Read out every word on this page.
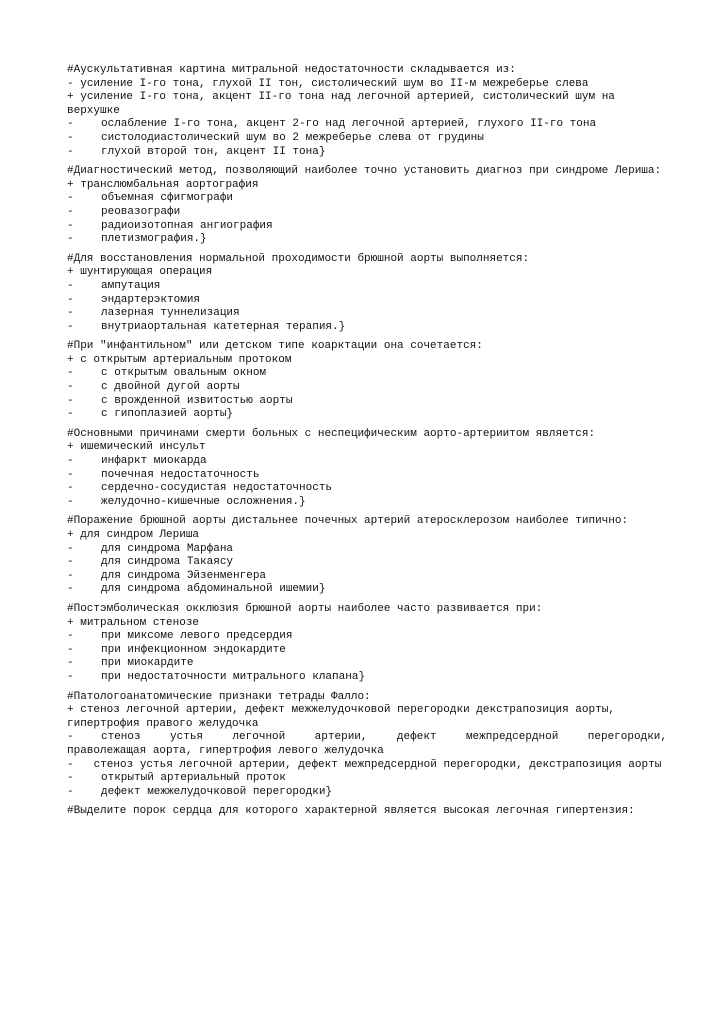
#Аускультативная картина митральной недостаточности складывается из:
- усиление I-го тона, глухой II тон, систолический шум во II-м межреберье слева
+ усиление I-го тона, акцент II-го тона над легочной артерией, систолический шум на верхушке
-	ослабление I-го тона, акцент 2-го над легочной артерией, глухого II-го тона
-	систолодиастолический шум во 2 межреберье слева от грудины
-	глухой второй тон, акцент II тона}
#Диагностический метод, позволяющий наиболее точно установить диагноз при синдроме Лериша:
+ транслюмбальная аортография
-	объемная сфигмографи
-	реовазографи
-	радиоизотопная ангиография
-	плетизмография.}
#Для восстановления нормальной проходимости брюшной аорты выполняется:
+ шунтирующая операция
-	ампутация
-	эндартерэктомия
-	лазерная туннелизация
-	внутриаортальная катетерная терапия.}
#При "инфантильном" или детском типе коарктации она сочетается:
+ с открытым артериальным протоком
-	с открытым овальным окном
-	с двойной дугой аорты
-	с врожденной извитостью аорты
-	с гипоплазией аорты}
#Основными причинами смерти больных с неспецифическим аорто-артериитом является:
+ ишемический инсульт
-	инфаркт миокарда
-	почечная недостаточность
-	сердечно-сосудистая недостаточность
-	желудочно-кишечные осложнения.}
#Поражение брюшной аорты дистальнее почечных артерий атеросклерозом наиболее типично:
+ для синдром Лериша
-	для синдрома Марфана
-	для синдрома Такаясу
-	для синдрома Эйзенменгера
-	для синдрома абдоминальной ишемии}
#Постэмболическая окклюзия брюшной аорты наиболее часто развивается при:
+ митральном стенозе
-	при миксоме левого предсердия
-	при инфекционном эндокардите
-	при миокардите
-	при недостаточности митрального клапана}
#Патологоанатомические признаки тетрады Фалло:
+ стеноз легочной артерии, дефект межжелудочковой перегородки декстрапозиция аорты, гипертрофия правого желудочка
-	стеноз устья легочной артерии, дефект межпредсердной перегородки,
праволежащая аорта, гипертрофия левого желудочка
- стеноз устья легочной артерии, дефект межпредсердной перегородки, декстрапозиция аорты
-	открытый артериальный проток
-	дефект межжелудочковой перегородки}
#Выделите порок сердца для которого характерной является высокая легочная гипертензия:
